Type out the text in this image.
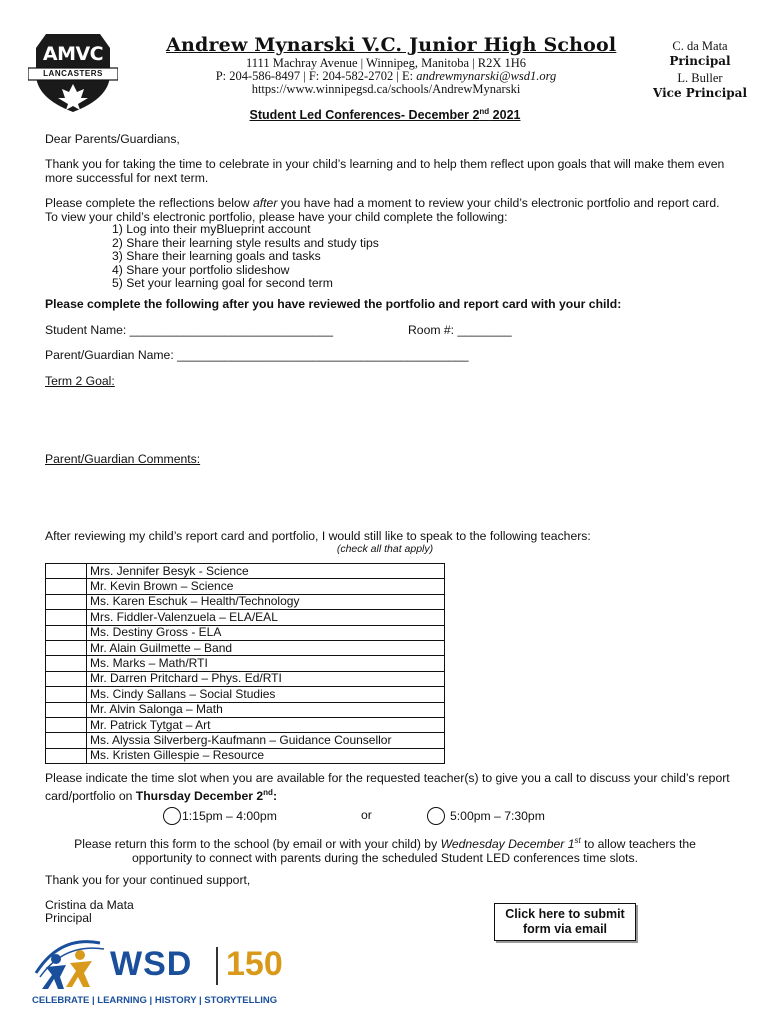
AMVC
LANCASTERS
Andrew Mynarski V.C. Junior High School
1111 Machray Avenue | Winnipeg, Manitoba | R2X 1H6
P: 204-586-8497 | F: 204-582-2702 | E: andrewmynarski@wsd1.org
https://www.winnipegsd.ca/schools/AndrewMynarski
C. da Mata
Principal
L. Buller
Vice Principal
Student Led Conferences- December 2nd 2021
Dear Parents/Guardians,
Thank you for taking the time to celebrate in your child’s learning and to help them reflect upon goals that will make them even more successful for next term.
Please complete the reflections below after you have had a moment to review your child’s electronic portfolio and report card. To view your child’s electronic portfolio, please have your child complete the following:
1) Log into their myBlueprint account
2) Share their learning style results and study tips
3) Share their learning goals and tasks
4) Share your portfolio slideshow
5) Set your learning goal for second term
Please complete the following after you have reviewed the portfolio and report card with your child:
Student Name: ______________________________	Room #: ________
Parent/Guardian Name: ___________________________________________
Term 2 Goal:
Parent/Guardian Comments:
After reviewing my child’s report card and portfolio, I would still like to speak to the following teachers:
(check all that apply)
	Mrs. Jennifer Besyk - Science
	Mr. Kevin Brown – Science
	Ms. Karen Eschuk – Health/Technology
	Mrs. Fiddler-Valenzuela – ELA/EAL
	Ms. Destiny Gross - ELA
	Mr. Alain Guilmette – Band
	Ms. Marks – Math/RTI
	Mr. Darren Pritchard – Phys. Ed/RTI
	Ms. Cindy Sallans – Social Studies
	Mr. Alvin Salonga – Math
	Mr. Patrick Tytgat – Art
	Ms. Alyssia Silverberg-Kaufmann – Guidance Counsellor
	Ms. Kristen Gillespie – Resource
Please indicate the time slot when you are available for the requested teacher(s) to give you a call to discuss your child’s report card/portfolio on Thursday December 2nd:
1:15pm – 4:00pm	or	5:00pm – 7:30pm
Please return this form to the school (by email or with your child) by Wednesday December 1st to allow teachers the opportunity to connect with parents during the scheduled Student LED conferences time slots.
Thank you for your continued support,
Cristina da Mata
Principal	Click here to submit form via email
WSD 150
CELEBRATE | LEARNING | HISTORY | STORYTELLING
